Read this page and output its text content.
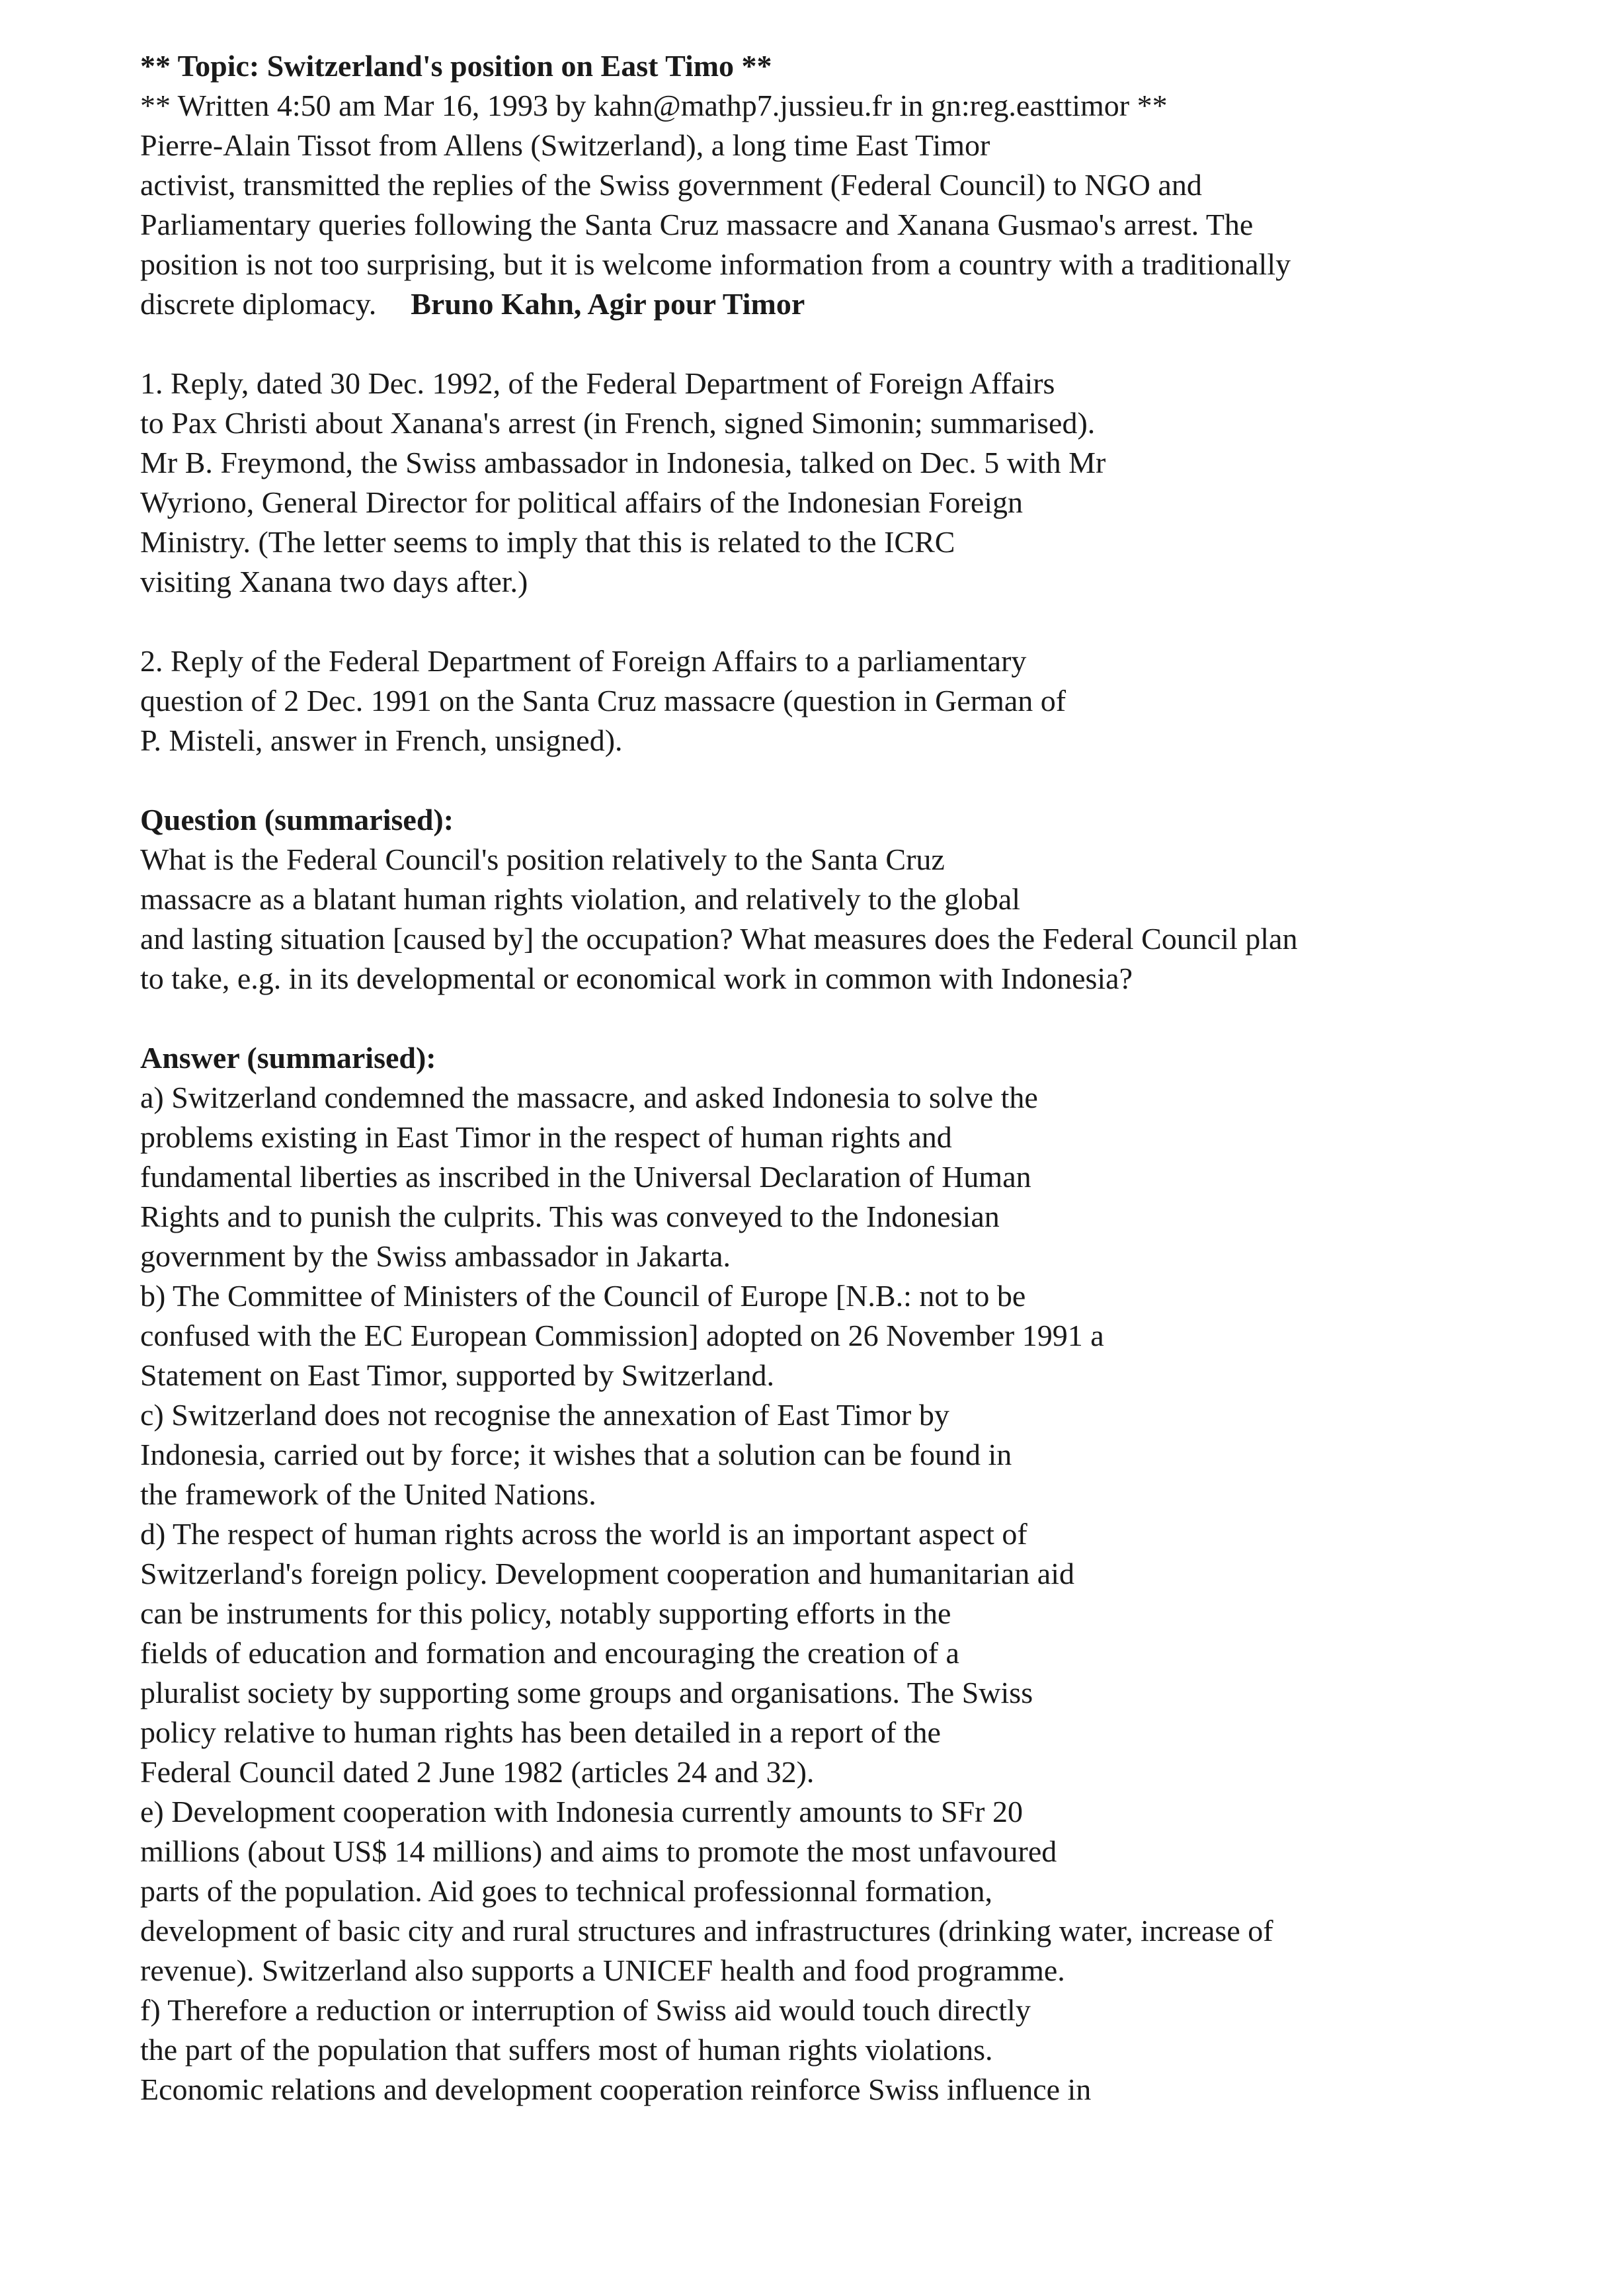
** Topic: Switzerland's position on East Timo **
** Written 4:50 am Mar 16, 1993 by kahn@mathp7.jussieu.fr in gn:reg.easttimor **
Pierre-Alain Tissot from Allens (Switzerland), a long time East Timor
activist, transmitted the replies of the Swiss government (Federal Council) to NGO and
Parliamentary queries following the Santa Cruz massacre and Xanana Gusmao's arrest. The
position is not too surprising, but it is welcome information from a country with a traditionally
discrete diplomacy. Bruno Kahn, Agir pour Timor
1. Reply, dated 30 Dec. 1992, of the Federal Department of Foreign Affairs
to Pax Christi about Xanana's arrest (in French, signed Simonin; summarised).
Mr B. Freymond, the Swiss ambassador in Indonesia, talked on Dec. 5 with Mr
Wyriono, General Director for political affairs of the Indonesian Foreign
Ministry. (The letter seems to imply that this is related to the ICRC
visiting Xanana two days after.)
2. Reply of the Federal Department of Foreign Affairs to a parliamentary
question of 2 Dec. 1991 on the Santa Cruz massacre (question in German of
P. Misteli, answer in French, unsigned).
Question (summarised):
What is the Federal Council's position relatively to the Santa Cruz
massacre as a blatant human rights violation, and relatively to the global
and lasting situation [caused by] the occupation? What measures does the Federal Council plan
to take, e.g. in its developmental or economical work in common with Indonesia?
Answer (summarised):
a) Switzerland condemned the massacre, and asked Indonesia to solve the
problems existing in East Timor in the respect of human rights and
fundamental liberties as inscribed in the Universal Declaration of Human
Rights and to punish the culprits. This was conveyed to the Indonesian
government by the Swiss ambassador in Jakarta.
b) The Committee of Ministers of the Council of Europe [N.B.: not to be
confused with the EC European Commission] adopted on 26 November 1991 a
Statement on East Timor, supported by Switzerland.
c) Switzerland does not recognise the annexation of East Timor by
Indonesia, carried out by force; it wishes that a solution can be found in
the framework of the United Nations.
d) The respect of human rights across the world is an important aspect of
Switzerland's foreign policy. Development cooperation and humanitarian aid
can be instruments for this policy, notably supporting efforts in the
fields of education and formation and encouraging the creation of a
pluralist society by supporting some groups and organisations. The Swiss
policy relative to human rights has been detailed in a report of the
Federal Council dated 2 June 1982 (articles 24 and 32).
e) Development cooperation with Indonesia currently amounts to SFr 20
millions (about US$ 14 millions) and aims to promote the most unfavoured
parts of the population. Aid goes to technical professionnal formation,
development of basic city and rural structures and infrastructures (drinking water, increase of
revenue). Switzerland also supports a UNICEF health and food programme.
f) Therefore a reduction or interruption of Swiss aid would touch directly
the part of the population that suffers most of human rights violations.
Economic relations and development cooperation reinforce Swiss influence in
